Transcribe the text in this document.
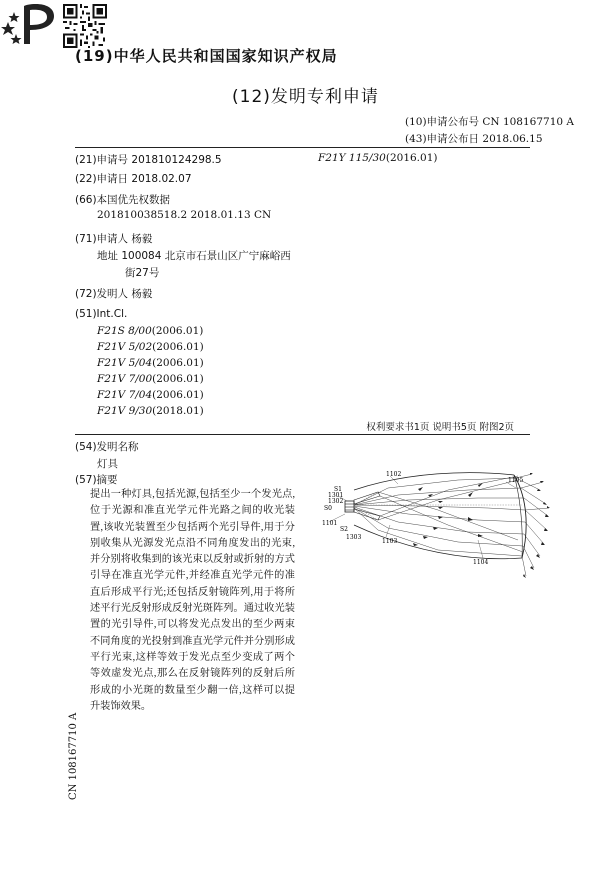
(19)中华人民共和国国家知识产权局

(12)发明专利申请
(10)申请公布号 CN 108167710 A
(43)申请公布日 2018.06.15
(21)申请号 201810124298.5	F21Y 115/30(2016.01)
(22)申请日 2018.02.07
(66)本国优先权数据
201810038518.2 2018.01.13 CN
(71)申请人 杨毅
地址 100084 北京市石景山区广宁麻峪西
街27号
(72)发明人 杨毅
(51)Int.Cl.
F21S 8/00(2006.01)
F21V 5/02(2006.01)
F21V 5/04(2006.01)
F21V 7/00(2006.01)
F21V 7/04(2006.01)
F21V 9/30(2018.01)
权利要求书1页 说明书5页 附图2页
(54)发明名称
灯具
(57)摘要
提出一种灯具,包括光源,包括至少一个发光点,位于光源和准直光学元件光路之间的收光装置,该收光装置至少包括两个光引导件,用于分别收集从光源发光点沿不同角度发出的光束,并分别将收集到的该光束以反射或折射的方式引导在准直光学元件,并经准直光学元件的准直后形成平行光;还包括反射镜阵列,用于将所述平行光反射形成反射光斑阵列。通过收光装置的光引导件,可以将发光点发出的至少两束不同角度的光投射到准直光学元件并分别形成平行光束,这样等效于发光点至少变成了两个等效虚发光点,那么在反射镜阵列的反射后所形成的小光斑的数量至少翻一倍,这样可以提升装饰效果。
CN 108167710 A
1102
1105
1104
1103
1101
1301
1302
1303
S1
S2
S0
